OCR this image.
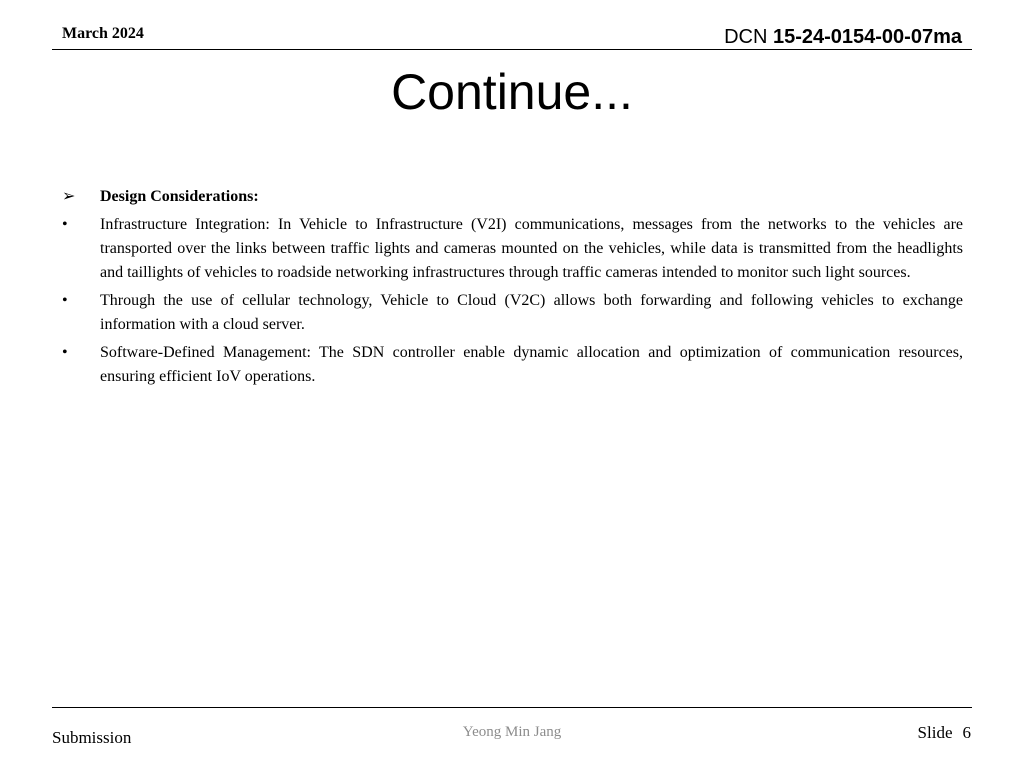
March 2024	DCN 15-24-0154-00-07ma
Continue...
➢	Design Considerations:
•	Infrastructure Integration: In Vehicle to Infrastructure (V2I) communications, messages from the networks to the vehicles are transported over the links between traffic lights and cameras mounted on the vehicles, while data is transmitted from the headlights and taillights of vehicles to roadside networking infrastructures through traffic cameras intended to monitor such light sources.
•	Through the use of cellular technology, Vehicle to Cloud (V2C) allows both forwarding and following vehicles to exchange information with a cloud server.
•	Software-Defined Management: The SDN controller enable dynamic allocation and optimization of communication resources, ensuring efficient IoV operations.
Submission	Yeong Min Jang	Slide 6
